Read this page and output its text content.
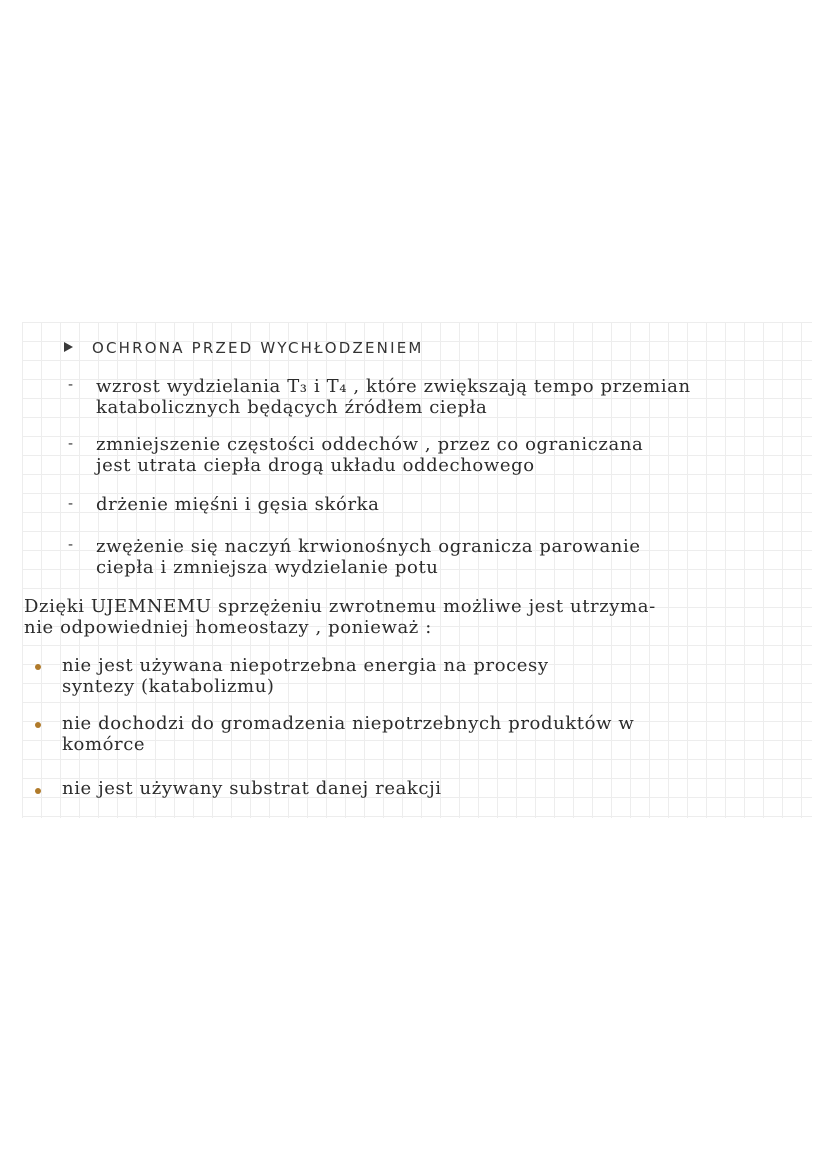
OCHRONA PRZED WYCHŁODZENIEM
- wzrost wydzielania T₃ i T₄ , które zwiększają tempo przemian
katabolicznych będących źródłem ciepła
- zmniejszenie częstości oddechów , przez co ograniczana
jest utrata ciepła drogą układu oddechowego
- drżenie mięśni i gęsia skórka
- zwężenie się naczyń krwionośnych ogranicza parowanie
ciepła i zmniejsza wydzielanie potu
Dzięki UJEMNEMU sprzężeniu zwrotnemu możliwe jest utrzyma-
nie odpowiedniej homeostazy , ponieważ :
nie jest używana niepotrzebna energia na procesy
syntezy (katabolizmu)
nie dochodzi do gromadzenia niepotrzebnych produktów w
komórce
nie jest używany substrat danej reakcji
